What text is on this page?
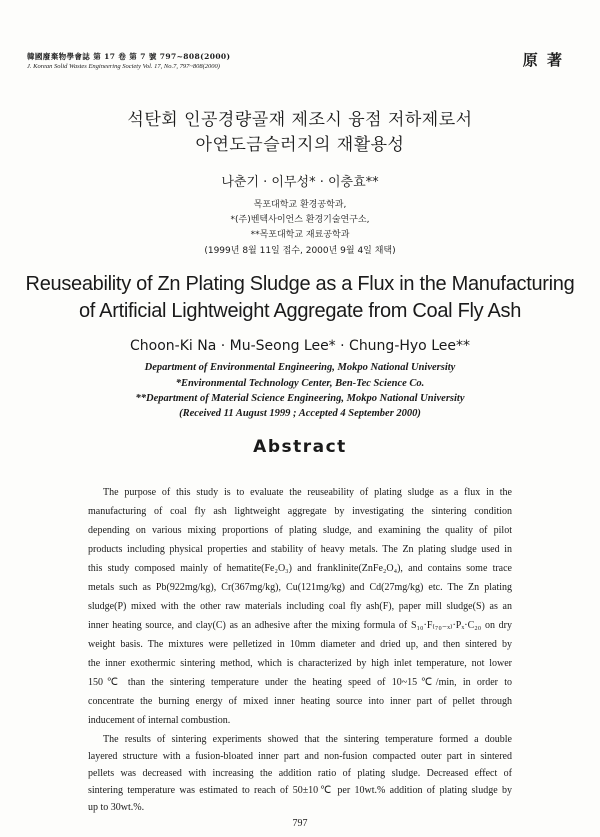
韓國廢棄物學會誌 第 17 卷 第 7 號 797~808(2000)
J. Korean Solid Wastes Engineering Society Vol. 17, No.7, 797~808(2000)	原 著
석탄회 인공경량골재 제조시 융점 저하제로서
아연도금슬러지의 재활용성
나춘기 · 이무성* · 이충효**
목포대학교 환경공학과,
*(주)벤텍사이언스 환경기술연구소,
**목포대학교 재료공학과
(1999년 8월 11일 접수, 2000년 9월 4일 채택)
Reuseability of Zn Plating Sludge as a Flux in the Manufacturing
of Artificial Lightweight Aggregate from Coal Fly Ash
Choon-Ki Na · Mu-Seong Lee* · Chung-Hyo Lee**
Department of Environmental Engineering, Mokpo National University
*Environmental Technology Center, Ben-Tec Science Co.
**Department of Material Science Engineering, Mokpo National University
(Received 11 August 1999 ; Accepted 4 September 2000)
Abstract
The purpose of this study is to evaluate the reuseability of plating sludge as a flux in the
manufacturing of coal fly ash lightweight aggregate by investigating the sintering condition
depending on various mixing proportions of plating sludge, and examining the quality of pilot
products including physical properties and stability of heavy metals. The Zn plating sludge used in
this study composed mainly of hematite(Fe₂O₃) and franklinite(ZnFe₂O₄), and contains some trace
metals such as Pb(922mg/kg), Cr(367mg/kg), Cu(121mg/kg) and Cd(27mg/kg) etc. The Zn plating
sludge(P) mixed with the other raw materials including coal fly ash(F), paper mill sludge(S) as an
inner heating source, and clay(C) as an adhesive after the mixing formula of S₁₀·F₍₇₀₋ₓ₎·Pₓ·C₂₀ on dry
weight basis. The mixtures were pelletized in 10mm diameter and dried up, and then sintered by
the inner exothermic sintering method, which is characterized by high inlet temperature, not lower
150℃ than the sintering temperature under the heating speed of 10~15℃/min, in order to
concentrate the burning energy of mixed inner heating source into inner part of pellet through
inducement of internal combustion.
The results of sintering experiments showed that the sintering temperature formed a double
layered structure with a fusion-bloated inner part and non-fusion compacted outer part in sintered
pellets was decreased with increasing the addition ratio of plating sludge. Decreased effect of
sintering temperature was estimated to reach of 50±10℃ per 10wt.% addition of plating sludge by
up to 30wt.%.
797
